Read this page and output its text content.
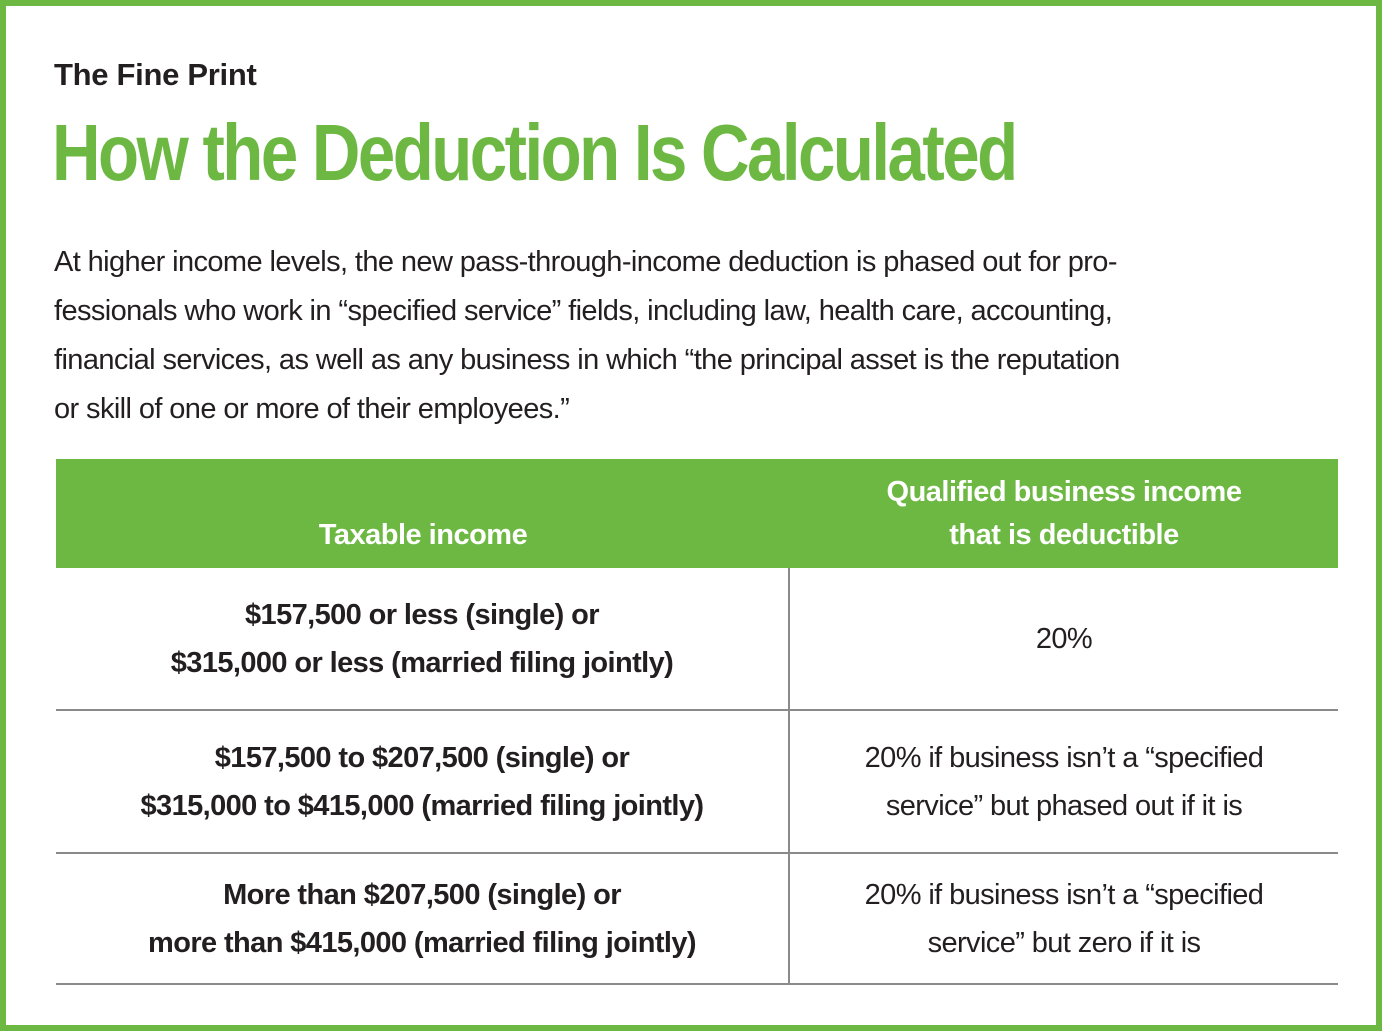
The Fine Print

How the Deduction Is Calculated

At higher income levels, the new pass-through-income deduction is phased out for pro-
fessionals who work in “specified service” fields, including law, health care, accounting,
financial services, as well as any business in which “the principal asset is the reputation
or skill of one or more of their employees.”

Taxable income
Qualified business income
that is deductible
$157,500 or less (single) or
$315,000 or less (married filing jointly)
20%
$157,500 to $207,500 (single) or
$315,000 to $415,000 (married filing jointly)
20% if business isn’t a “specified
service” but phased out if it is
More than $207,500 (single) or
more than $415,000 (married filing jointly)
20% if business isn’t a “specified
service” but zero if it is
